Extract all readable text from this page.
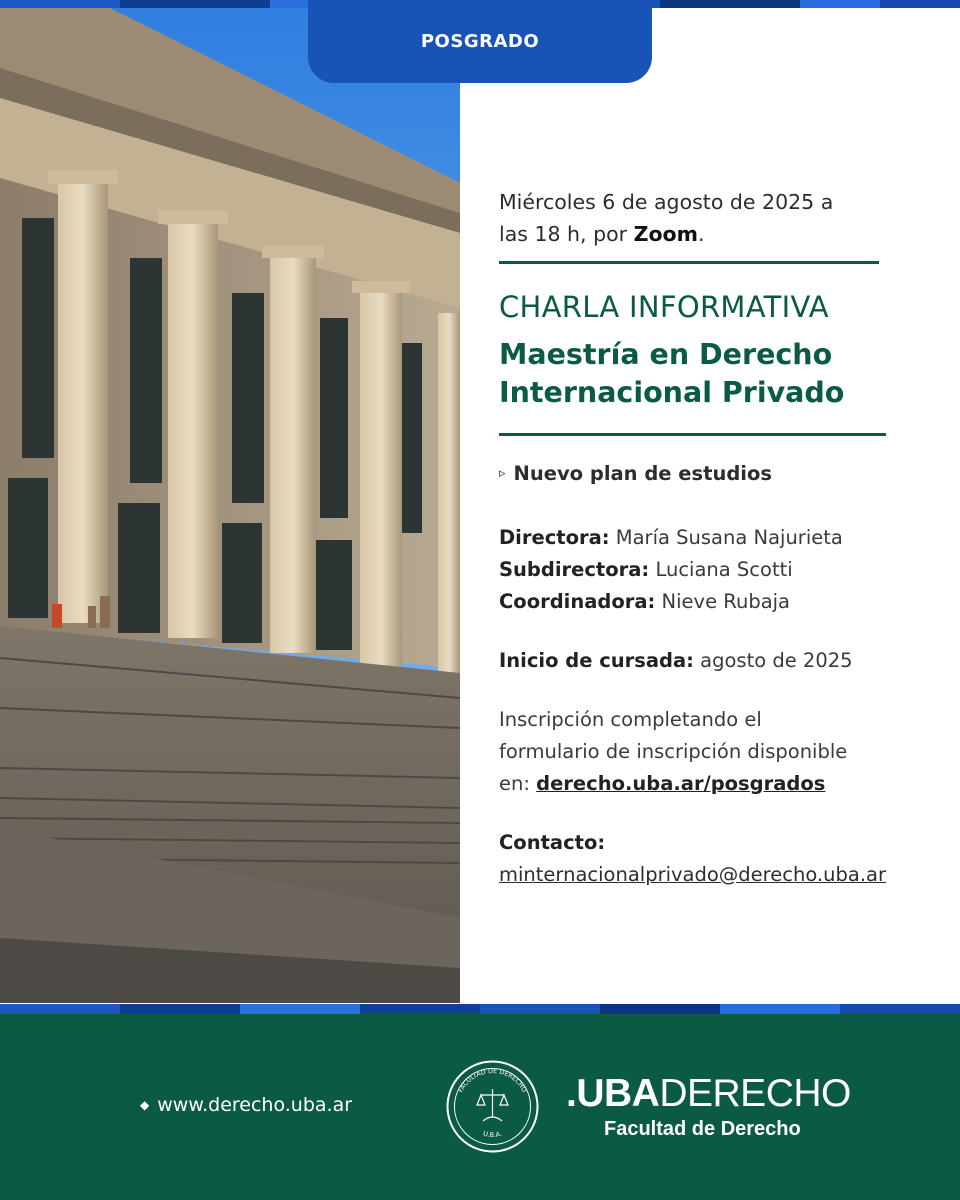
POSGRADO
Miércoles 6 de agosto de 2025 a
las 18 h, por Zoom.
CHARLA INFORMATIVA
Maestría en Derecho
Internacional Privado
▹ Nuevo plan de estudios
Directora: María Susana Najurieta
Subdirectora: Luciana Scotti
Coordinadora: Nieve Rubaja
Inicio de cursada: agosto de 2025
Inscripción completando el
formulario de inscripción disponible
en: derecho.uba.ar/posgrados
Contacto:
minternacionalprivado@derecho.uba.ar
◆ www.derecho.uba.ar
FACULTAD DE DERECHO
U.B.A.
.UBADERECHO
Facultad de Derecho
